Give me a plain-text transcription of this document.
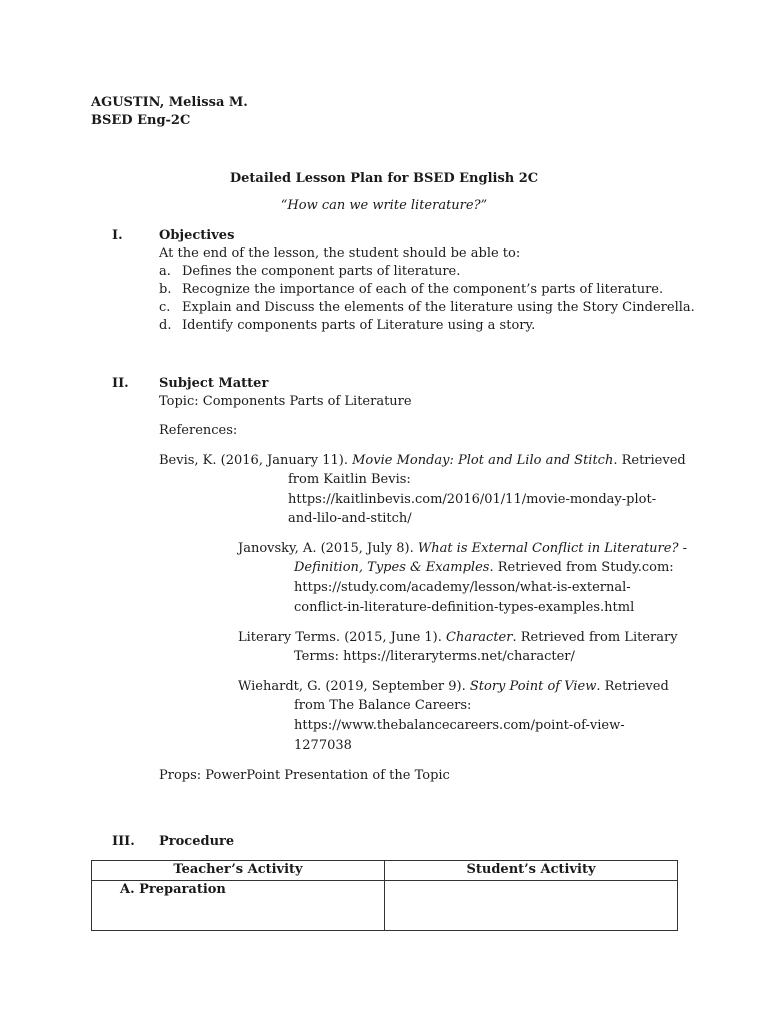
AGUSTIN, Melissa M.
BSED Eng-2C
Detailed Lesson Plan for BSED English 2C
“How can we write literature?”
I.	Objectives
At the end of the lesson, the student should be able to:
a. Defines the component parts of literature.
b. Recognize the importance of each of the component’s parts of literature.
c. Explain and Discuss the elements of the literature using the Story Cinderella.
d. Identify components parts of Literature using a story.
II. Subject Matter
Topic: Components Parts of Literature
References:
Bevis, K. (2016, January 11). Movie Monday: Plot and Lilo and Stitch. Retrieved
from Kaitlin Bevis:
https://kaitlinbevis.com/2016/01/11/movie-monday-plot-
and-lilo-and-stitch/
Janovsky, A. (2015, July 8). What is External Conflict in Literature? -
Definition, Types & Examples. Retrieved from Study.com:
https://study.com/academy/lesson/what-is-external-
conflict-in-literature-definition-types-examples.html
Literary Terms. (2015, June 1). Character. Retrieved from Literary
Terms: https://literaryterms.net/character/
Wiehardt, G. (2019, September 9). Story Point of View. Retrieved
from The Balance Careers:
https://www.thebalancecareers.com/point-of-view-
1277038
Props: PowerPoint Presentation of the Topic
III. Procedure
Teacher’s Activity	Student’s Activity
A. Preparation	
